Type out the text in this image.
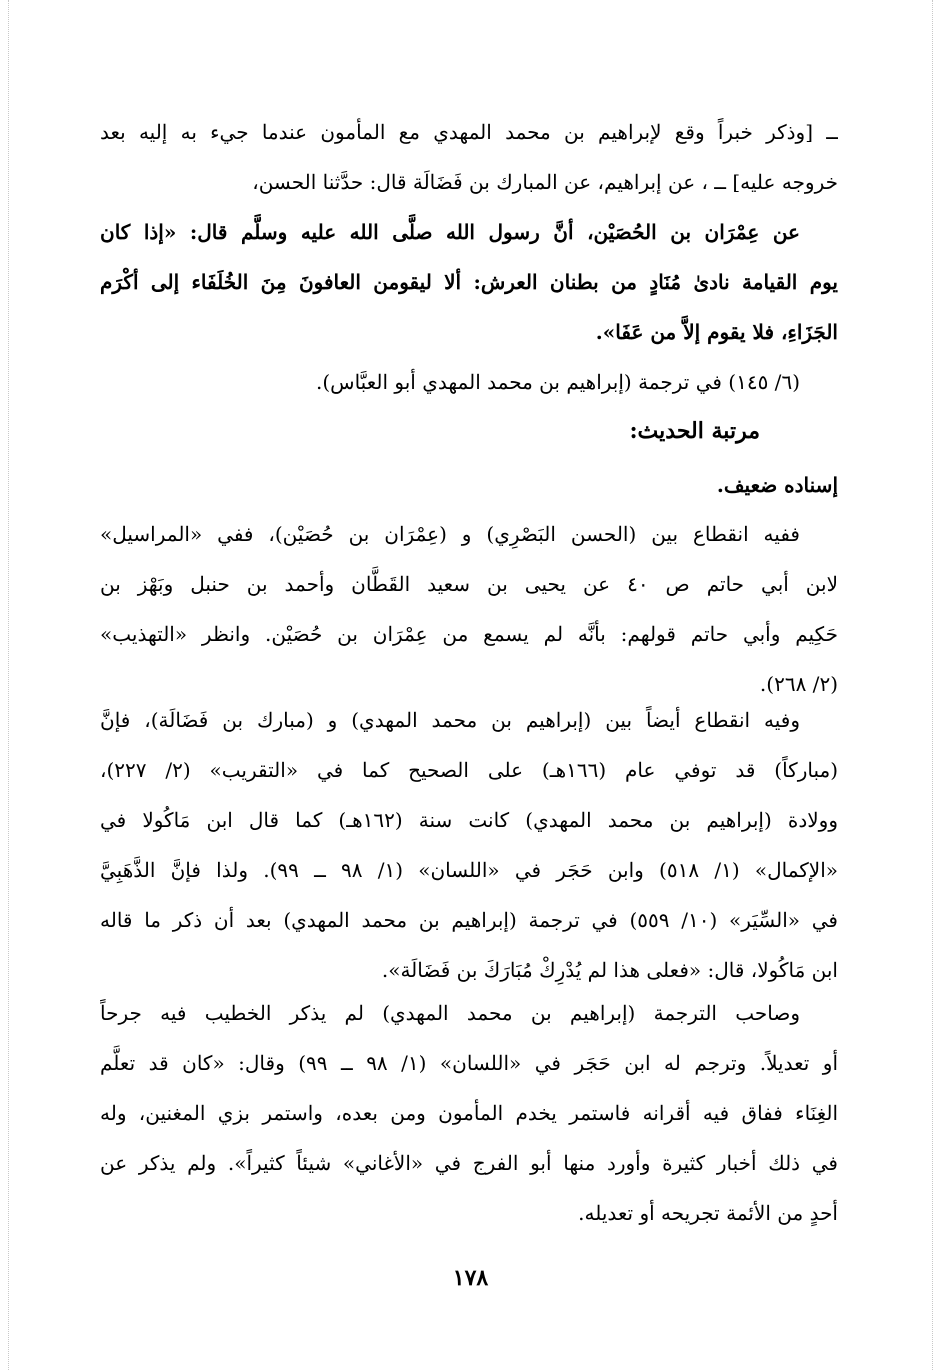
ــ [وذكر خبراً وقع لإبراهيم بن محمد المهدي مع المأمون عندما جيء به إليه بعد
خروجه عليه] ــ ، عن إبراهيم، عن المبارك بن فَضَالَة قال: حدَّثنا الحسن،
عن عِمْرَان بن الحُصَيْن، أنَّ رسول الله صلَّى الله عليه وسلَّم قال: «إذا كان
يوم القيامة نادىٰ مُنَادٍ من بطنان العرش: ألا ليقومن العافونَ مِنَ الخُلَفَاء إلى أكْرَم
الجَزَاءِ، فلا يقوم إلاَّ من عَفَا».
(٦/ ١٤٥) في ترجمة (إبراهيم بن محمد المهدي أبو العبَّاس).
مرتبة الحديث:
إسناده ضعيف.
ففيه انقطاع بين (الحسن البَصْرِي) و (عِمْرَان بن حُصَيْن)، ففي «المراسيل»
لابن أبي حاتم ص ٤٠ عن يحيى بن سعيد القَطَّان وأحمد بن حنبل وبَهْز بن
حَكِيم وأبي حاتم قولهم: بأنَّه لم يسمع من عِمْرَان بن حُصَيْن. وانظر «التهذيب»
(٢/ ٢٦٨).
وفيه انقطاع أيضاً بين (إبراهيم بن محمد المهدي) و (مبارك بن فَضَالَة)، فإنَّ
(مباركاً) قد توفي عام (١٦٦هـ) على الصحيح كما في «التقريب» (٢/ ٢٢٧)،
وولادة (إبراهيم بن محمد المهدي) كانت سنة (١٦٢هـ) كما قال ابن مَاكُولا في
«الإكمال» (١/ ٥١٨) وابن حَجَر في «اللسان» (١/ ٩٨ ــ ٩٩). ولذا فإنَّ الذَّهَبِيَّ
في «السِّيَر» (١٠/ ٥٥٩) في ترجمة (إبراهيم بن محمد المهدي) بعد أن ذكر ما قاله
ابن مَاكُولا، قال: «فعلى هذا لم يُدْرِكْ مُبَارَكَ بن فَضَالَة».
وصاحب الترجمة (إبراهيم بن محمد المهدي) لم يذكر الخطيب فيه جرحاً
أو تعديلاً. وترجم له ابن حَجَر في «اللسان» (١/ ٩٨ ــ ٩٩) وقال: «كان قد تعلَّم
الغِنَاء ففاق فيه أقرانه فاستمر يخدم المأمون ومن بعده، واستمر بزي المغنين، وله
في ذلك أخبار كثيرة وأورد منها أبو الفرج في «الأغاني» شيئاً كثيراً». ولم يذكر عن
أحدٍ من الأئمة تجريحه أو تعديله.
١٧٨
